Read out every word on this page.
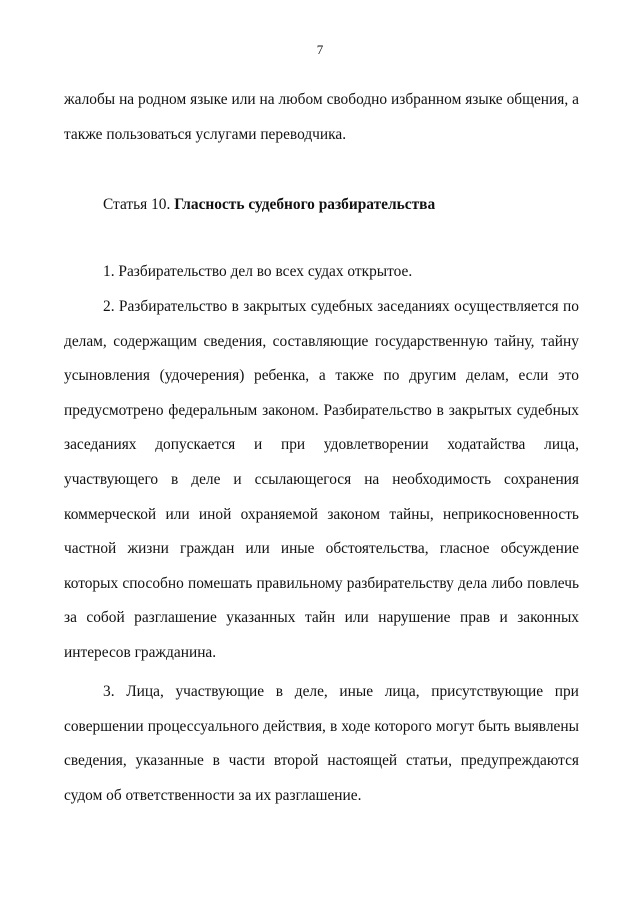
7
жалобы на родном языке или на любом свободно избранном языке общения, а
также пользоваться услугами переводчика.
Статья 10. Гласность судебного разбирательства
1. Разбирательство дел во всех судах открытое.
2. Разбирательство в закрытых судебных заседаниях осуществляется по
делам, содержащим сведения, составляющие государственную тайну, тайну
усыновления (удочерения) ребенка, а также по другим делам, если это
предусмотрено федеральным законом. Разбирательство в закрытых судебных
заседаниях допускается и при удовлетворении ходатайства лица,
участвующего в деле и ссылающегося на необходимость сохранения
коммерческой или иной охраняемой законом тайны, неприкосновенность
частной жизни граждан или иные обстоятельства, гласное обсуждение
которых способно помешать правильному разбирательству дела либо повлечь
за собой разглашение указанных тайн или нарушение прав и законных
интересов гражданина.
3. Лица, участвующие в деле, иные лица, присутствующие при
совершении процессуального действия, в ходе которого могут быть выявлены
сведения, указанные в части второй настоящей статьи, предупреждаются
судом об ответственности за их разглашение.
